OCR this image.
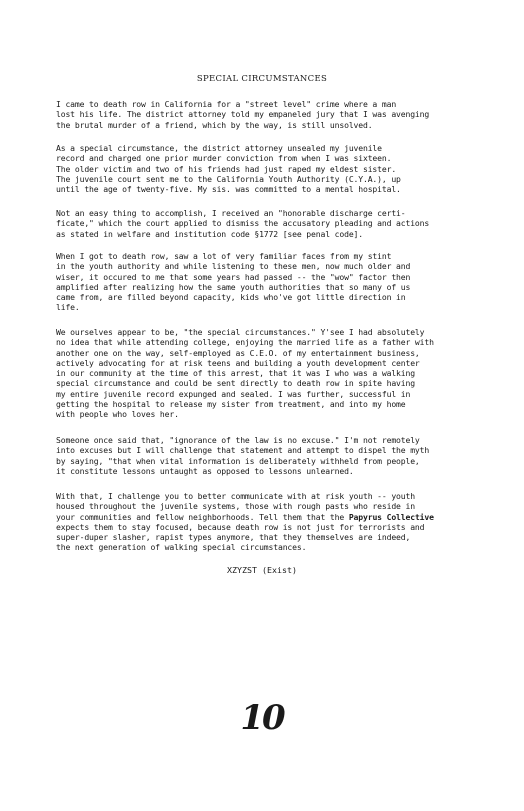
SPECIAL CIRCUMSTANCES
I came to death row in California for a "street level" crime where a man
lost his life. The district attorney told my empaneled jury that I was avenging
the brutal murder of a friend, which by the way, is still unsolved.
As a special circumstance, the district attorney unsealed my juvenile
record and charged one prior murder conviction from when I was sixteen.
The older victim and two of his friends had just raped my eldest sister.
The juvenile court sent me to the California Youth Authority (C.Y.A.), up
until the age of twenty-five. My sis. was committed to a mental hospital.
Not an easy thing to accomplish, I received an "honorable discharge certi-
ficate," which the court applied to dismiss the accusatory pleading and actions
as stated in welfare and institution code §1772 [see penal code].
When I got to death row, saw a lot of very familiar faces from my stint
in the youth authority and while listening to these men, now much older and
wiser, it occured to me that some years had passed -- the "wow" factor then
amplified after realizing how the same youth authorities that so many of us
came from, are filled beyond capacity, kids who've got little direction in
life.
We ourselves appear to be, "the special circumstances." Y'see I had absolutely
no idea that while attending college, enjoying the married life as a father with
another one on the way, self-employed as C.E.O. of my entertainment business,
actively advocating for at risk teens and building a youth development center
in our community at the time of this arrest, that it was I who was a walking
special circumstance and could be sent directly to death row in spite having
my entire juvenile record expunged and sealed. I was further, successful in
getting the hospital to release my sister from treatment, and into my home
with people who loves her.
Someone once said that, "ignorance of the law is no excuse." I'm not remotely
into excuses but I will challenge that statement and attempt to dispel the myth
by saying, "that when vital information is deliberately withheld from people,
it constitute lessons untaught as opposed to lessons unlearned.
With that, I challenge you to better communicate with at risk youth -- youth
housed throughout the juvenile systems, those with rough pasts who reside in
your communities and fellow neighborhoods. Tell them that the Papyrus Collective
expects them to stay focused, because death row is not just for terrorists and
super-duper slasher, rapist types anymore, that they themselves are indeed,
the next generation of walking special circumstances.
XZYZST (Exist)
10
